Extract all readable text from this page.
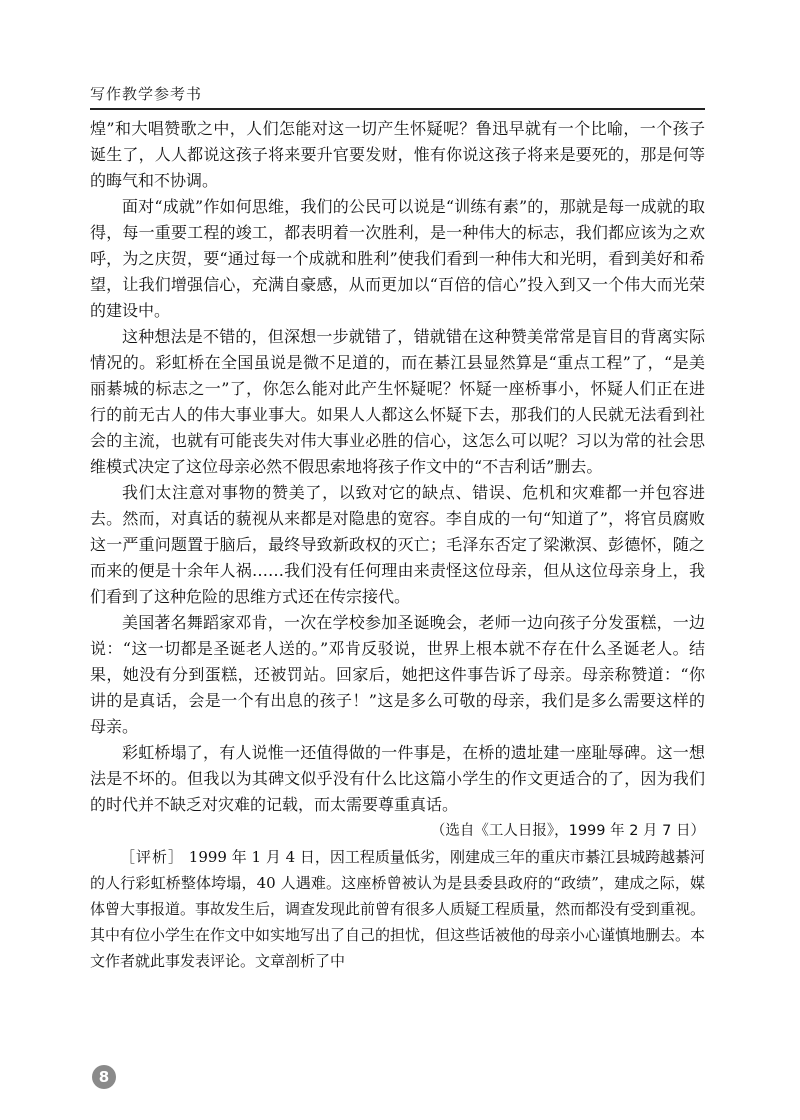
写作教学参考书

煌”和大唱赞歌之中，人们怎能对这一切产生怀疑呢？鲁迅早就有一个比喻，一个孩子诞生了，人人都说这孩子将来要升官要发财，惟有你说这孩子将来是要死的，那是何等的晦气和不协调。

面对“成就”作如何思维，我们的公民可以说是“训练有素”的，那就是每一成就的取得，每一重要工程的竣工，都表明着一次胜利，是一种伟大的标志，我们都应该为之欢呼，为之庆贺，要“通过每一个成就和胜利”使我们看到一种伟大和光明，看到美好和希望，让我们增强信心，充满自豪感，从而更加以“百倍的信心”投入到又一个伟大而光荣的建设中。

这种想法是不错的，但深想一步就错了，错就错在这种赞美常常是盲目的背离实际情况的。彩虹桥在全国虽说是微不足道的，而在綦江县显然算是“重点工程”了，“是美丽綦城的标志之一”了，你怎么能对此产生怀疑呢？怀疑一座桥事小，怀疑人们正在进行的前无古人的伟大事业事大。如果人人都这么怀疑下去，那我们的人民就无法看到社会的主流，也就有可能丧失对伟大事业必胜的信心，这怎么可以呢？习以为常的社会思维模式决定了这位母亲必然不假思索地将孩子作文中的“不吉利话”删去。

我们太注意对事物的赞美了，以致对它的缺点、错误、危机和灾难都一并包容进去。然而，对真话的藐视从来都是对隐患的宽容。李自成的一句“知道了”，将官员腐败这一严重问题置于脑后，最终导致新政权的灭亡；毛泽东否定了梁漱溟、彭德怀，随之而来的便是十余年人祸……我们没有任何理由来责怪这位母亲，但从这位母亲身上，我们看到了这种危险的思维方式还在传宗接代。

美国著名舞蹈家邓肯，一次在学校参加圣诞晚会，老师一边向孩子分发蛋糕，一边说：“这一切都是圣诞老人送的。”邓肯反驳说，世界上根本就不存在什么圣诞老人。结果，她没有分到蛋糕，还被罚站。回家后，她把这件事告诉了母亲。母亲称赞道：“你讲的是真话，会是一个有出息的孩子！”这是多么可敬的母亲，我们是多么需要这样的母亲。

彩虹桥塌了，有人说惟一还值得做的一件事是，在桥的遗址建一座耻辱碑。这一想法是不坏的。但我以为其碑文似乎没有什么比这篇小学生的作文更适合的了，因为我们的时代并不缺乏对灾难的记载，而太需要尊重真话。

（选自《工人日报》，1999 年 2 月 7 日）

［评析］ 1999 年 1 月 4 日，因工程质量低劣，刚建成三年的重庆市綦江县城跨越綦河的人行彩虹桥整体垮塌，40 人遇难。这座桥曾被认为是县委县政府的“政绩”，建成之际，媒体曾大事报道。事故发生后，调查发现此前曾有很多人质疑工程质量，然而都没有受到重视。其中有位小学生在作文中如实地写出了自己的担忧，但这些话被他的母亲小心谨慎地删去。本文作者就此事发表评论。文章剖析了中

8
